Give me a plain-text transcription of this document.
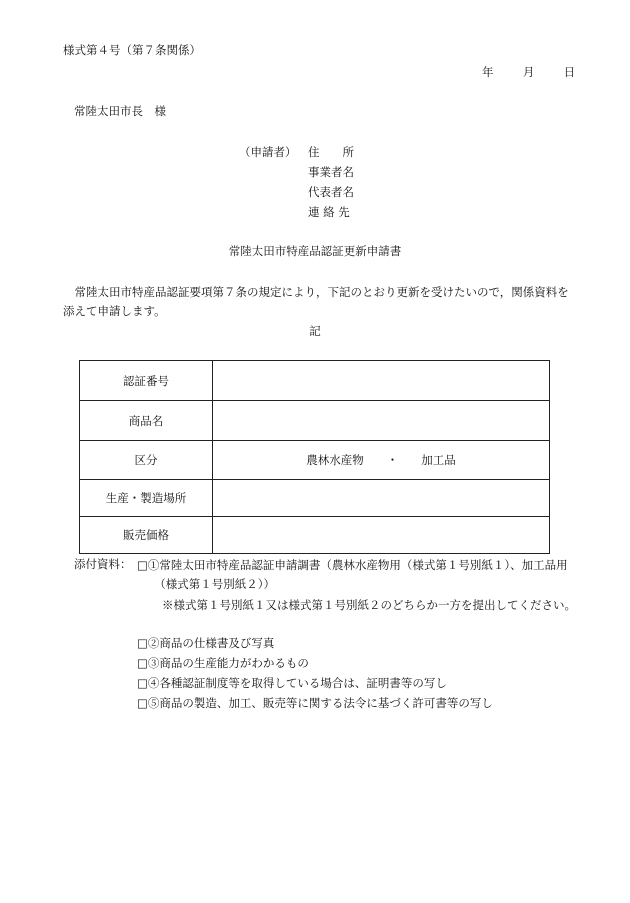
様式第４号（第７条関係）
年	月	日
常陸太田市長　様
（申請者） 住　　所
事業者名
代表者名
連 絡 先
常陸太田市特産品認証更新申請書
常陸太田市特産品認証要項第７条の規定により，下記のとおり更新を受けたいので，関係資料を添えて申請します。
記
認証番号	
商品名	
区分	農林水産物　　・　　加工品
生産・製造場所	
販売価格	
添付資料： □①常陸太田市特産品認証申請調書（農林水産物用（様式第１号別紙１）、加工品用（様式第１号別紙２））
※様式第１号別紙１又は様式第１号別紙２のどちらか一方を提出してください。
□②商品の仕様書及び写真
□③商品の生産能力がわかるもの
□④各種認証制度等を取得している場合は、証明書等の写し
□⑤商品の製造、加工、販売等に関する法令に基づく許可書等の写し
